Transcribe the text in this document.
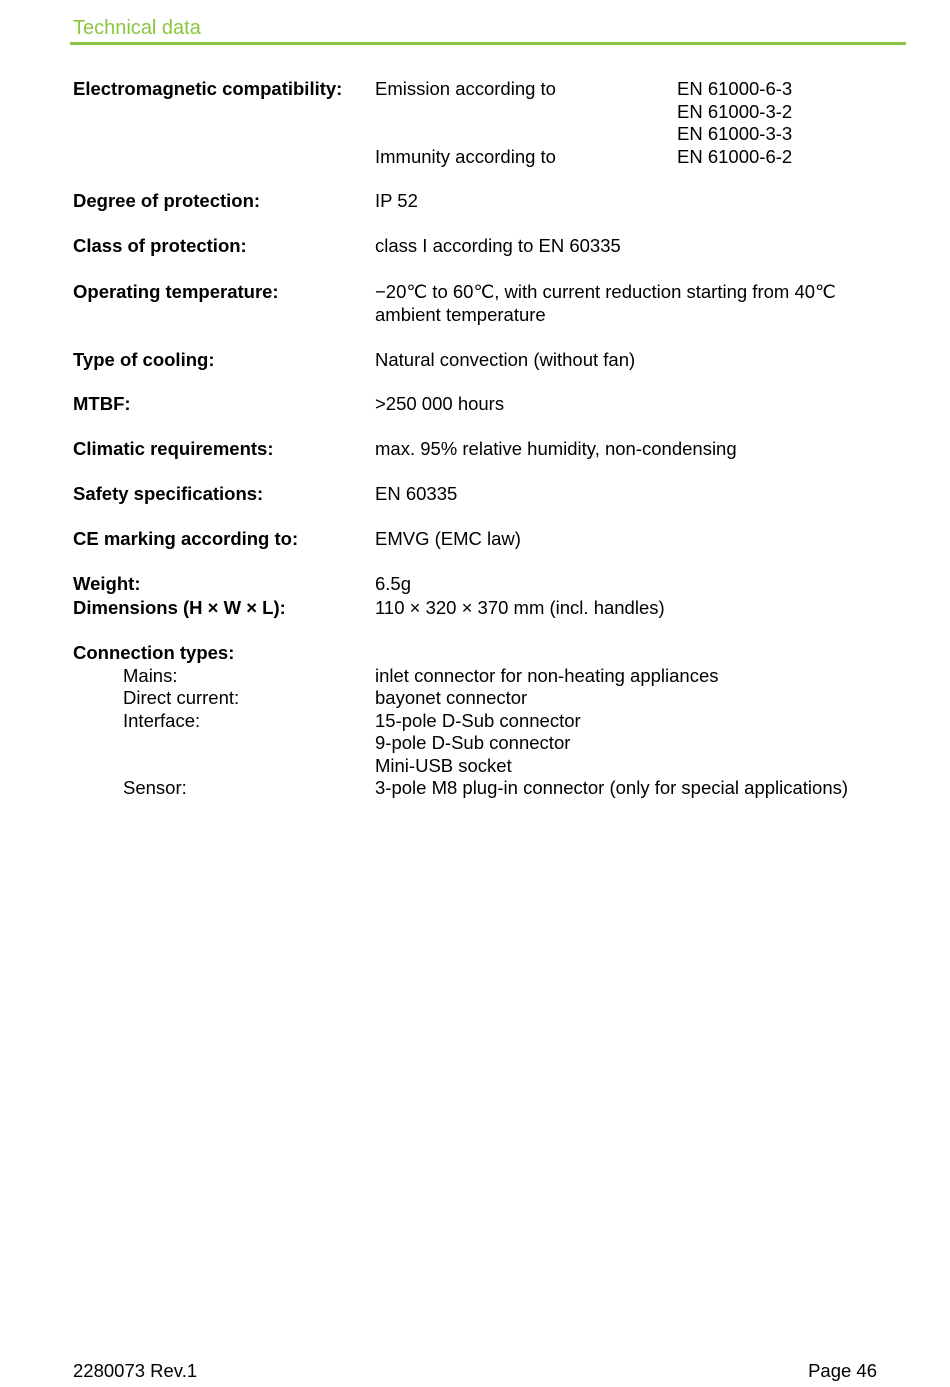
Technical data
Electromagnetic compatibility: Emission according to	EN 61000-6-3
EN 61000-3-2
EN 61000-3-3
Immunity according to	EN 61000-6-2
Degree of protection:	IP 52
Class of protection:	class I according to EN 60335
Operating temperature:	−20℃ to 60℃, with current reduction starting from 40℃
ambient temperature
Type of cooling:	Natural convection (without fan)
MTBF:	>250 000 hours
Climatic requirements:	max. 95% relative humidity, non-condensing
Safety specifications:	EN 60335
CE marking according to:	EMVG (EMC law)
Weight:	6.5g
Dimensions (H × W × L):	110 × 320 × 370 mm (incl. handles)
Connection types:
Mains:	inlet connector for non-heating appliances
Direct current:	bayonet connector
Interface:	15-pole D-Sub connector
9-pole D-Sub connector
Mini-USB socket
Sensor:	3-pole M8 plug-in connector (only for special applications)
2280073 Rev.1	Page 46
